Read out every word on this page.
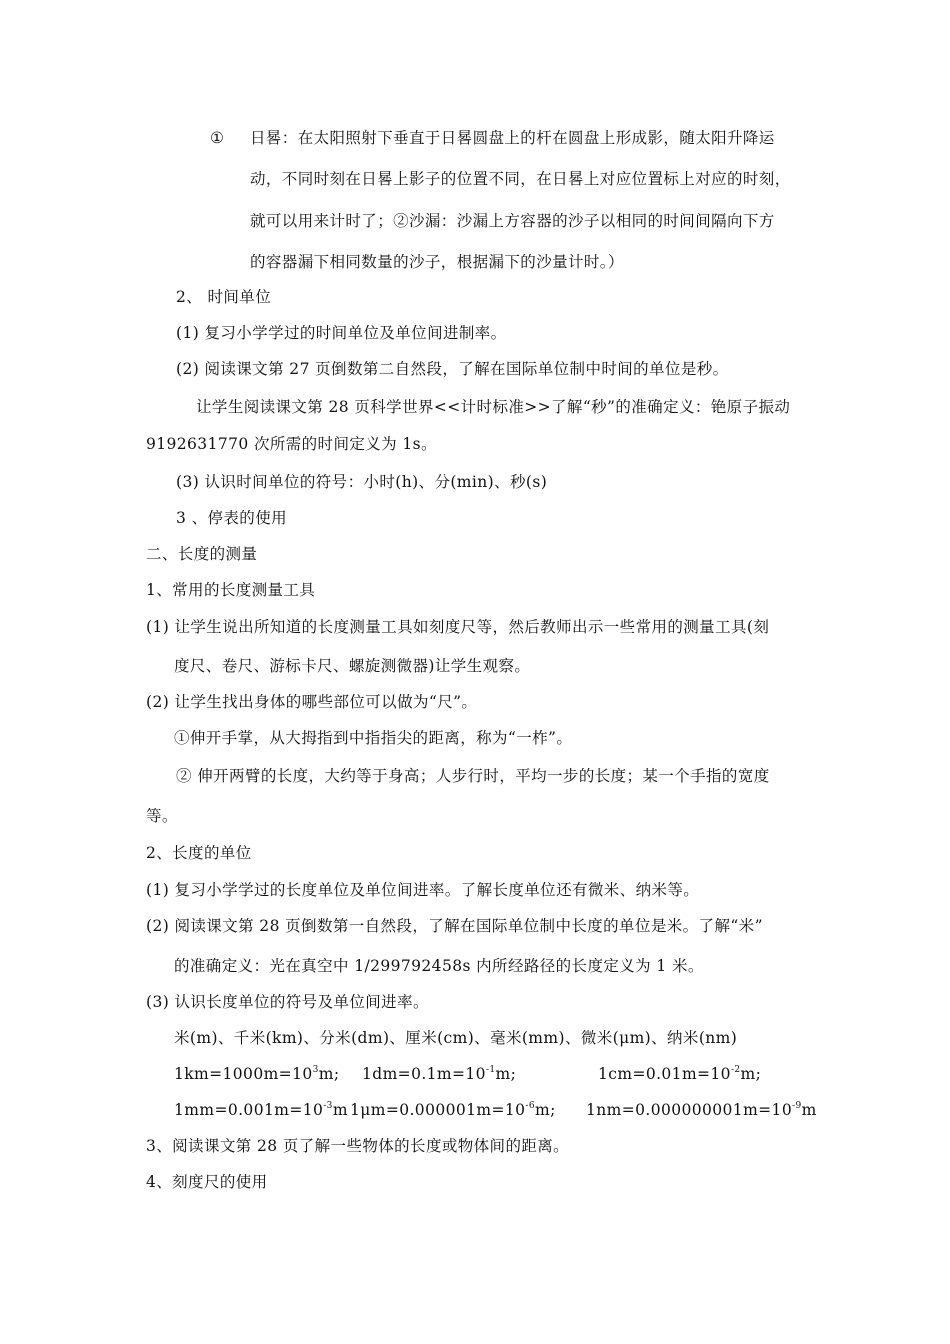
① 日晷：在太阳照射下垂直于日晷圆盘上的杆在圆盘上形成影，随太阳升降运
动，不同时刻在日晷上影子的位置不同，在日晷上对应位置标上对应的时刻，
就可以用来计时了；②沙漏：沙漏上方容器的沙子以相同的时间间隔向下方
的容器漏下相同数量的沙子，根据漏下的沙量计时。）
2、 时间单位
(1) 复习小学学过的时间单位及单位间进制率。
(2) 阅读课文第 27 页倒数第二自然段，了解在国际单位制中时间的单位是秒。
让学生阅读课文第 28 页科学世界<<计时标准>>了解“秒”的准确定义：铯原子振动
9192631770 次所需的时间定义为 1s。
(3) 认识时间单位的符号：小时(h)、分(min)、秒(s)
3 、停表的使用
二、长度的测量
1、常用的长度测量工具
(1) 让学生说出所知道的长度测量工具如刻度尺等，然后教师出示一些常用的测量工具(刻
度尺、卷尺、游标卡尺、螺旋测微器)让学生观察。
(2) 让学生找出身体的哪些部位可以做为“尺”。
①伸开手掌，从大拇指到中指指尖的距离，称为“一柞”。
② 伸开两臂的长度，大约等于身高；人步行时，平均一步的长度；某一个手指的宽度
等。
2、长度的单位
(1) 复习小学学过的长度单位及单位间进率。了解长度单位还有微米、纳米等。
(2) 阅读课文第 28 页倒数第一自然段，了解在国际单位制中长度的单位是米。了解“米”
的准确定义：光在真空中 1/299792458s 内所经路径的长度定义为 1 米。
(3) 认识长度单位的符号及单位间进率。
米(m)、千米(km)、分米(dm)、厘米(cm)、毫米(mm)、微米(μm)、纳米(nm)
$1km=1000m=10^3m$; $1dm=0.1m=10^{-1}m$;	$1cm=0.01m=10^{-2}m$;
$1mm=0.001m=10^{-3}m$ $1\mu m=0.000001m=10^{-6}m$; $1nm=0.000000001m=10^{-9}m$
3、阅读课文第 28 页了解一些物体的长度或物体间的距离。
4、刻度尺的使用
